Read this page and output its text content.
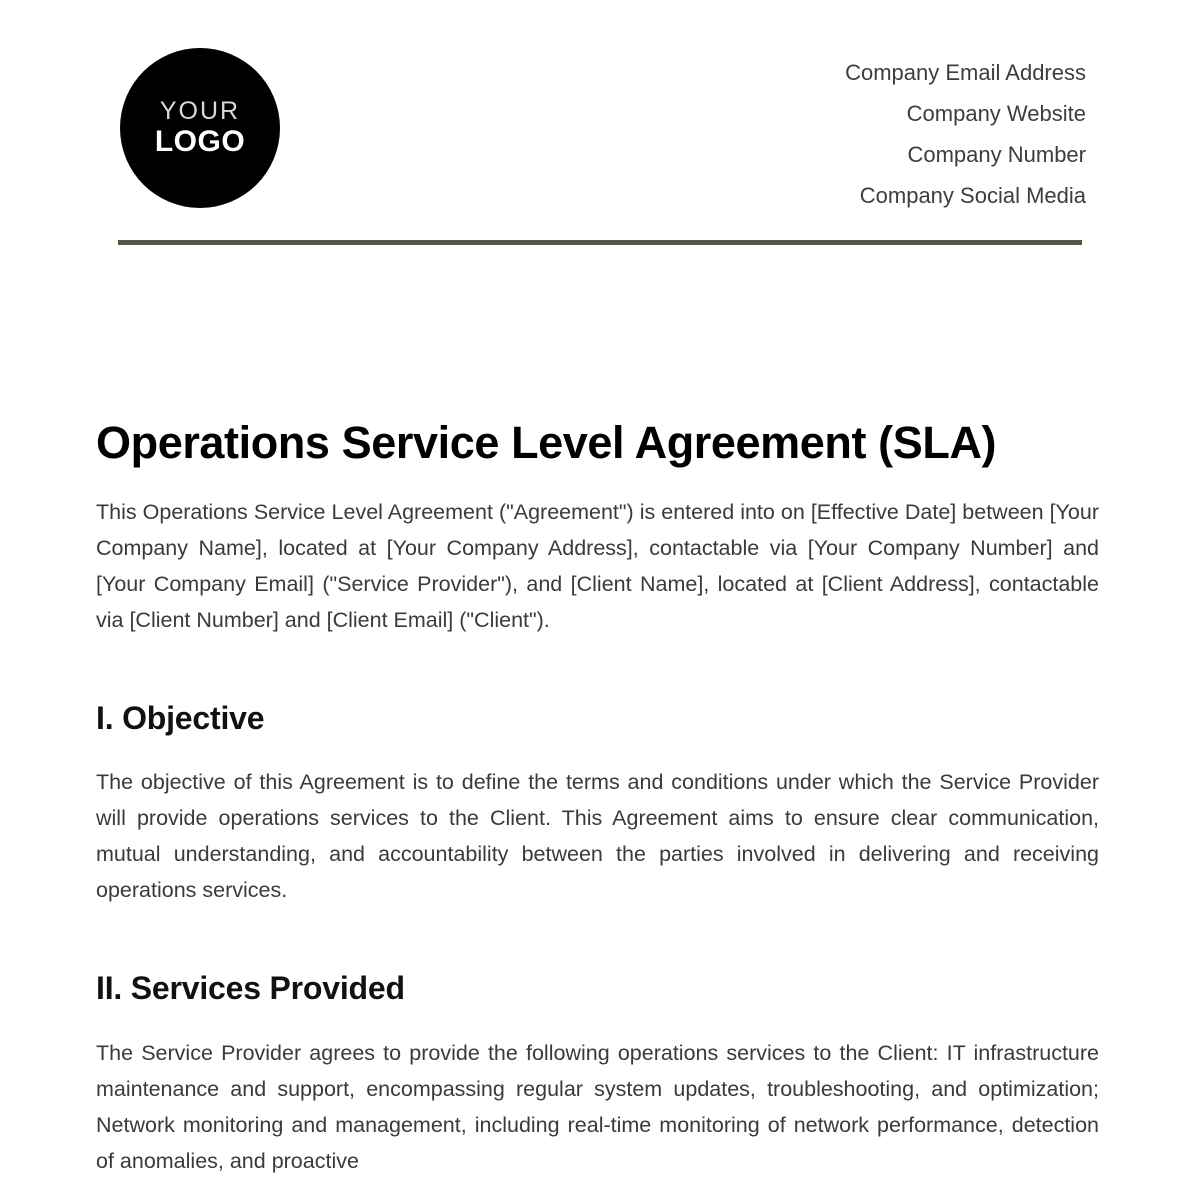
YOUR
LOGO
Company Email Address
Company Website
Company Number
Company Social Media
Operations Service Level Agreement (SLA)

This Operations Service Level Agreement ("Agreement") is entered into on [Effective Date] between [Your Company Name], located at [Your Company Address], contactable via [Your Company Number] and [Your Company Email] ("Service Provider"), and [Client Name], located at [Client Address], contactable via [Client Number] and [Client Email] ("Client").

I. Objective

The objective of this Agreement is to define the terms and conditions under which the Service Provider will provide operations services to the Client. This Agreement aims to ensure clear communication, mutual understanding, and accountability between the parties involved in delivering and receiving operations services.

II. Services Provided

The Service Provider agrees to provide the following operations services to the Client: IT infrastructure maintenance and support, encompassing regular system updates, troubleshooting, and optimization; Network monitoring and management, including real-time monitoring of network performance, detection of anomalies, and proactive
